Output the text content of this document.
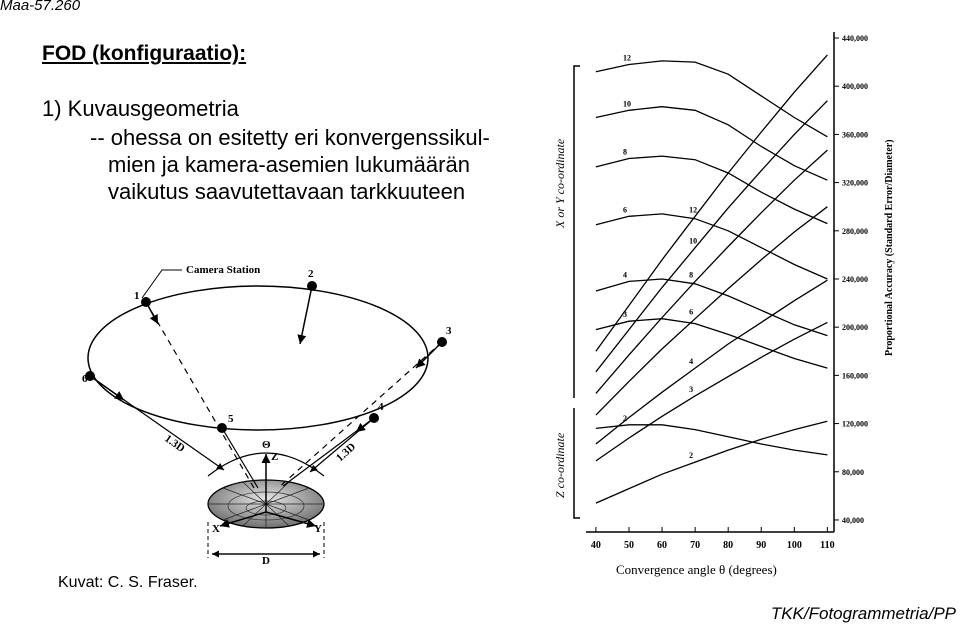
Maa-57.260
FOD (konfiguraatio):
1) Kuvausgeometria
-- ohessa on esitetty eri konvergenssikul-
mien ja kamera-asemien lukumäärän
vaikutus saavutettavaan tarkkuuteen
Camera Station
1
2
3
4
5
6
1.3D	1.3D
Θ
Z
X	Y
D
X or Y co-ordinate
Z co-ordinate
Proportional Accuracy (Standard Error/Diameter)
Convergence angle θ (degrees)
40 50 60 70 80 90 100 110
40,000
80,000
120,000
160,000
200,000
240,000
280,000
320,000
360,000
400,000
440,000
12
10
8
6
4
3
2
12
10
8
6
4
3
2
Kuvat: C. S. Fraser.
TKK/Fotogrammetria/PP
